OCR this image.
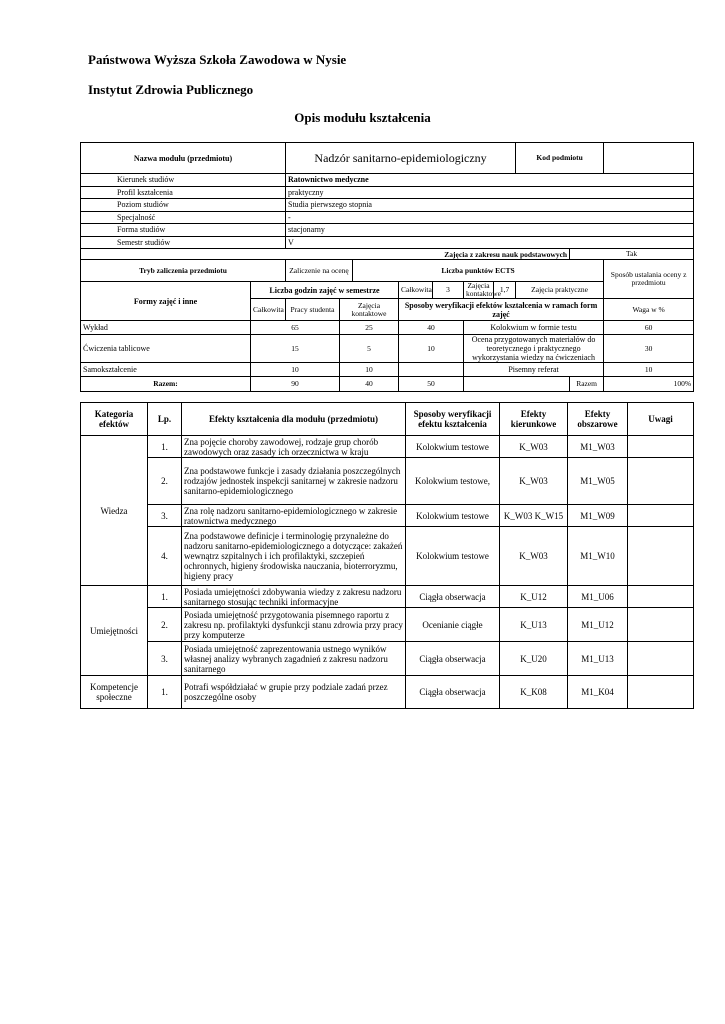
Państwowa Wyższa Szkoła Zawodowa w Nysie
Instytut Zdrowia Publicznego
Opis modułu kształcenia
Nazwa modułu (przedmiotu)		Nadzór sanitarno-epidemiologiczny							Kod podmiotu		
Kierunek studiów		Ratownictwo medyczne									
Profil kształcenia		praktyczny									
Poziom studiów		Studia pierwszego stopnia									
Specjalność		-									
Forma studiów		stacjonarny									
Semestr studiów		V									
Zajęcia z zakresu nauk podstawowych										Tak	
Tryb zaliczenia przedmiotu		Zaliczenie na ocenę		Liczba punktów ECTS							Sposób ustalania oceny z przedmiotu
Formy zajęć i inne	Liczba godzin zajęć w semestrze				Całkowita	3	Zajęcia kontaktowe	1,7	Zajęcia praktyczne		
	Całkowita	Pracy studenta	Zajęcia kontaktowe		Sposoby weryfikacji efektów kształcenia w ramach form zajęć						Waga w %
Wykład	65		25		40		Kolokwium w formie testu				60
Ćwiczenia tablicowe	15		5		10		Ocena przygotowanych materiałów do teoretycznego i praktycznego wykorzystania wiedzy na ćwiczeniach				30
Samokształcenie	10		10				Pisemny referat				10
Razem:	90		40		50					Razem	100%
Kategoria efektów	Lp.	Efekty kształcenia dla modułu (przedmiotu)	Sposoby weryfikacji efektu kształcenia	Efekty kierunkowe	Efekty obszarowe	Uwagi
Wiedza	1.	Zna pojęcie choroby zawodowej, rodzaje grup chorób zawodowych oraz zasady ich orzecznictwa w kraju	Kolokwium testowe	K_W03	M1_W03	
	2.	Zna podstawowe funkcje i zasady działania poszczególnych rodzajów jednostek inspekcji sanitarnej w zakresie nadzoru sanitarno-epidemiologicznego	Kolokwium testowe,	K_W03	M1_W05	
	3.	Zna rolę nadzoru sanitarno-epidemiologicznego w zakresie ratownictwa medycznego	Kolokwium testowe	K_W03 K_W15	M1_W09	
	4.	Zna podstawowe definicje i terminologię przynależne do nadzoru sanitarno-epidemiologicznego a dotyczące: zakażeń wewnątrz szpitalnych i ich profilaktyki, szczepień ochronnych, higieny środowiska nauczania, bioterroryzmu, higieny pracy	Kolokwium testowe	K_W03	M1_W10	
Umiejętności	1.	Posiada umiejętności zdobywania wiedzy z zakresu nadzoru sanitarnego stosując techniki informacyjne	Ciągła obserwacja	K_U12	M1_U06	
	2.	Posiada umiejętność przygotowania pisemnego raportu z zakresu np. profilaktyki dysfunkcji stanu zdrowia przy pracy przy komputerze	Ocenianie ciągłe	K_U13	M1_U12	
	3.	Posiada umiejętność zaprezentowania ustnego wyników własnej analizy wybranych zagadnień z zakresu nadzoru sanitarnego	Ciągła obserwacja	K_U20	M1_U13	
Kompetencje społeczne	1.	Potrafi współdziałać w grupie przy podziale zadań przez poszczególne osoby	Ciągła obserwacja	K_K08	M1_K04	
